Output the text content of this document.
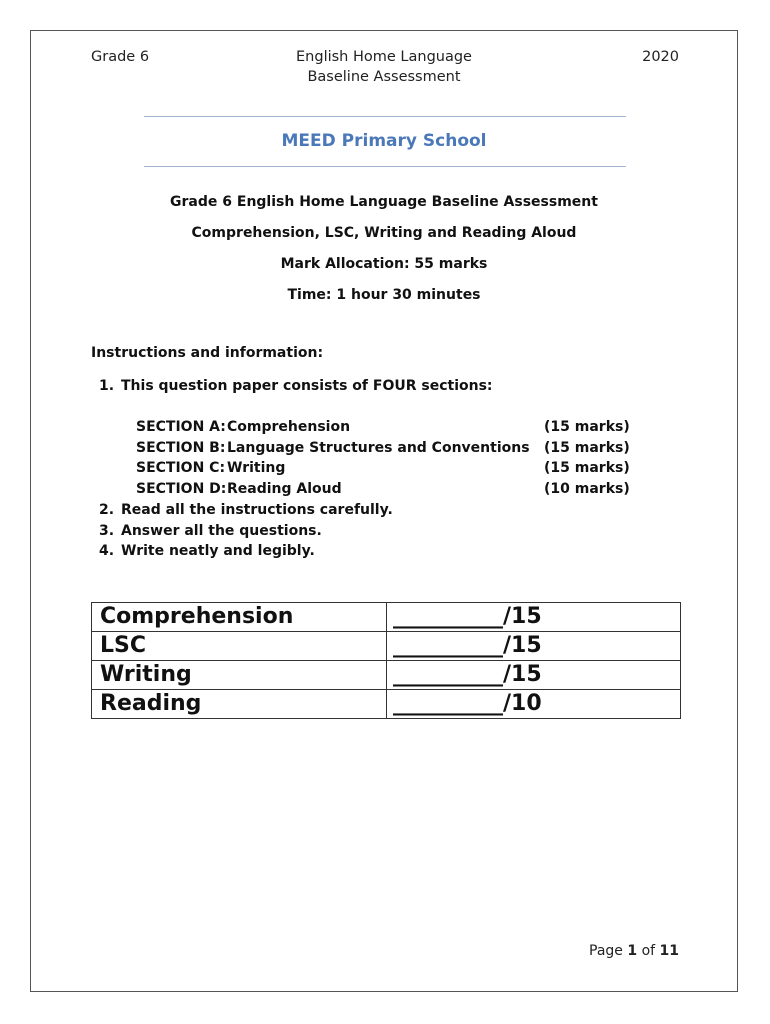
Grade 6	English Home Language
Baseline Assessment
2020
MEED Primary School
Grade 6 English Home Language Baseline Assessment
Comprehension, LSC, Writing and Reading Aloud
Mark Allocation: 55 marks
Time: 1 hour 30 minutes
Instructions and information:
1. This question paper consists of FOUR sections:
SECTION A: Comprehension	(15 marks)
SECTION B: Language Structures and Conventions	(15 marks)
SECTION C: Writing	(15 marks)
SECTION D: Reading Aloud	(10 marks)
2. Read all the instructions carefully.
3. Answer all the questions.
4. Write neatly and legibly.
Comprehension	__________/15
LSC	__________/15
Writing	__________/15
Reading	__________/10
Page 1 of 11
